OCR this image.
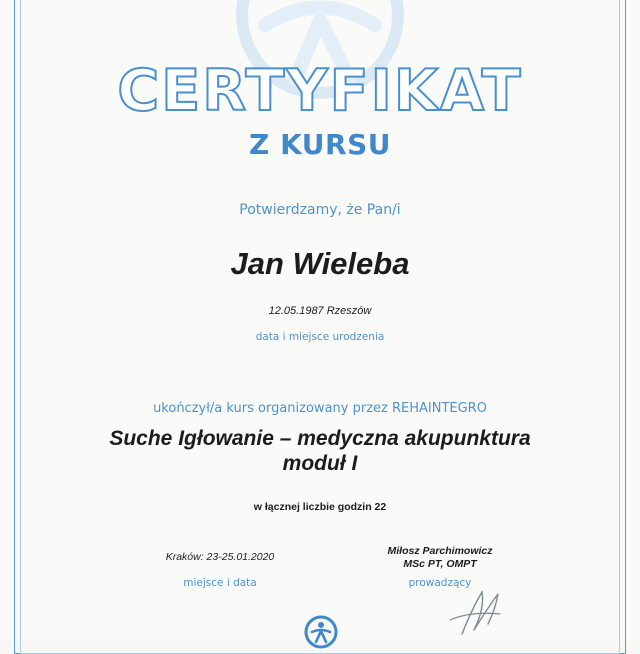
CERTYFIKAT
Z KURSU
Potwierdzamy, że Pan/i
Jan Wieleba
12.05.1987 Rzeszów
data i miejsce urodzenia
ukończył/a kurs organizowany przez REHAINTEGRO
Suche Igłowanie – medyczna akupunktura
moduł I
w łącznej liczbie godzin 22
Kraków: 23-25.01.2020
miejsce i data
Miłosz Parchimowicz
MSc PT, OMPT
prowadzący
